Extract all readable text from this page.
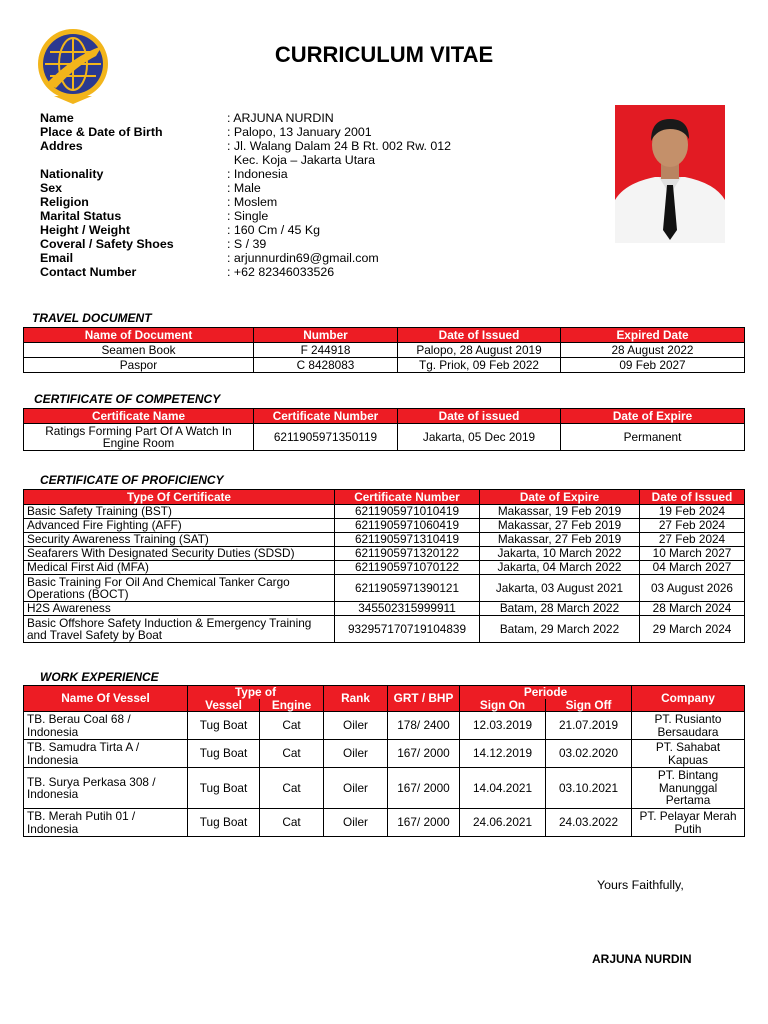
CURRICULUM VITAE
Name	: ARJUNA NURDIN
Place & Date of Birth	: Palopo, 13 January 2001
Addres	: Jl. Walang Dalam 24 B Rt. 002 Rw. 012
Kec. Koja – Jakarta Utara
Nationality	: Indonesia
Sex	: Male
Religion	: Moslem
Marital Status	: Single
Height / Weight	: 160 Cm / 45 Kg
Coveral / Safety Shoes	: S / 39
Email	: arjunnurdin69@gmail.com
Contact Number	: +62 82346033526
TRAVEL DOCUMENT
Name of Document	Number	Date of Issued	Expired Date
Seamen Book	F 244918	Palopo, 28 August 2019	28 August 2022
Paspor	C 8428083	Tg. Priok, 09 Feb 2022	09 Feb 2027
CERTIFICATE OF COMPETENCY
Certificate Name	Certificate Number	Date of issued	Date of Expire
Ratings Forming Part Of A Watch In Engine Room	6211905971350119	Jakarta, 05 Dec 2019	Permanent
CERTIFICATE OF PROFICIENCY
Type Of Certificate	Certificate Number	Date of Expire	Date of Issued
Basic Safety Training (BST)	6211905971010419	Makassar, 19 Feb 2019	19 Feb 2024
Advanced Fire Fighting (AFF)	6211905971060419	Makassar, 27 Feb 2019	27 Feb 2024
Security Awareness Training (SAT)	6211905971310419	Makassar, 27 Feb 2019	27 Feb 2024
Seafarers With Designated Security Duties (SDSD)	6211905971320122	Jakarta, 10 March 2022	10 March 2027
Medical First Aid (MFA)	6211905971070122	Jakarta, 04 March 2022	04 March 2027
Basic Training For Oil And Chemical Tanker Cargo Operations (BOCT)	6211905971390121	Jakarta, 03 August 2021	03 August 2026
H2S Awareness	345502315999911	Batam, 28 March 2022	28 March 2024
Basic Offshore Safety Induction & Emergency Training and Travel Safety by Boat	932957170719104839	Batam, 29 March 2022	29 March 2024
WORK EXPERIENCE
Name Of Vessel	Type of		Rank	GRT / BHP	Periode		Company
	Vessel	Engine			Sign On	Sign Off	
TB. Berau Coal 68 / Indonesia	Tug Boat	Cat	Oiler	178/ 2400	12.03.2019	21.07.2019	PT. Rusianto Bersaudara
TB. Samudra Tirta A / Indonesia	Tug Boat	Cat	Oiler	167/ 2000	14.12.2019	03.02.2020	PT. Sahabat Kapuas
TB. Surya Perkasa 308 / Indonesia	Tug Boat	Cat	Oiler	167/ 2000	14.04.2021	03.10.2021	PT. Bintang Manunggal Pertama
TB. Merah Putih 01 / Indonesia	Tug Boat	Cat	Oiler	167/ 2000	24.06.2021	24.03.2022	PT. Pelayar Merah Putih
Yours Faithfully,
ARJUNA NURDIN
